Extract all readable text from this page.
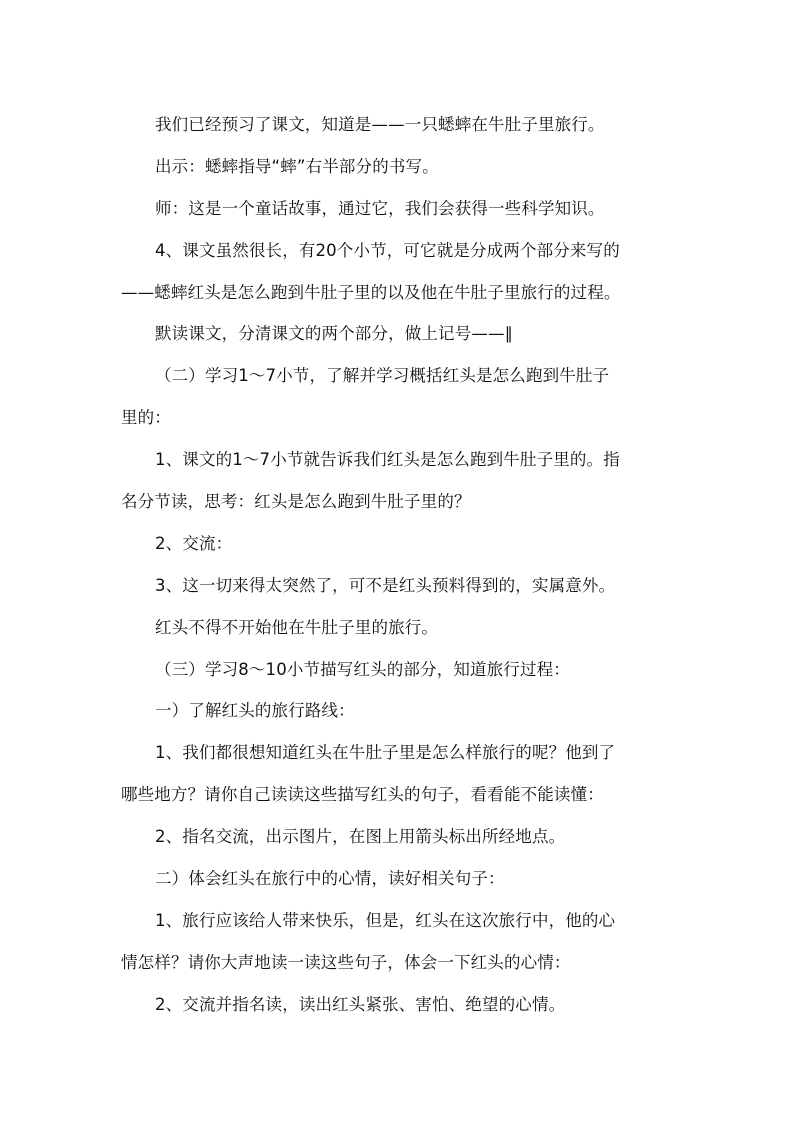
我们已经预习了课文，知道是——一只蟋蟀在牛肚子里旅行。
出示：蟋蟀指导“蟀”右半部分的书写。
师：这是一个童话故事，通过它，我们会获得一些科学知识。
4、课文虽然很长，有20个小节，可它就是分成两个部分来写的
——蟋蟀红头是怎么跑到牛肚子里的以及他在牛肚子里旅行的过程。
默读课文，分清课文的两个部分，做上记号——∥
（二）学习1～7小节，了解并学习概括红头是怎么跑到牛肚子
里的：
1、课文的1～7小节就告诉我们红头是怎么跑到牛肚子里的。指
名分节读，思考：红头是怎么跑到牛肚子里的？
2、交流：
3、这一切来得太突然了，可不是红头预料得到的，实属意外。
红头不得不开始他在牛肚子里的旅行。
（三）学习8～10小节描写红头的部分，知道旅行过程：
一）了解红头的旅行路线：
1、我们都很想知道红头在牛肚子里是怎么样旅行的呢？他到了
哪些地方？请你自己读读这些描写红头的句子，看看能不能读懂：
2、指名交流，出示图片，在图上用箭头标出所经地点。
二）体会红头在旅行中的心情，读好相关句子：
1、旅行应该给人带来快乐，但是，红头在这次旅行中，他的心
情怎样？请你大声地读一读这些句子，体会一下红头的心情：
2、交流并指名读，读出红头紧张、害怕、绝望的心情。
